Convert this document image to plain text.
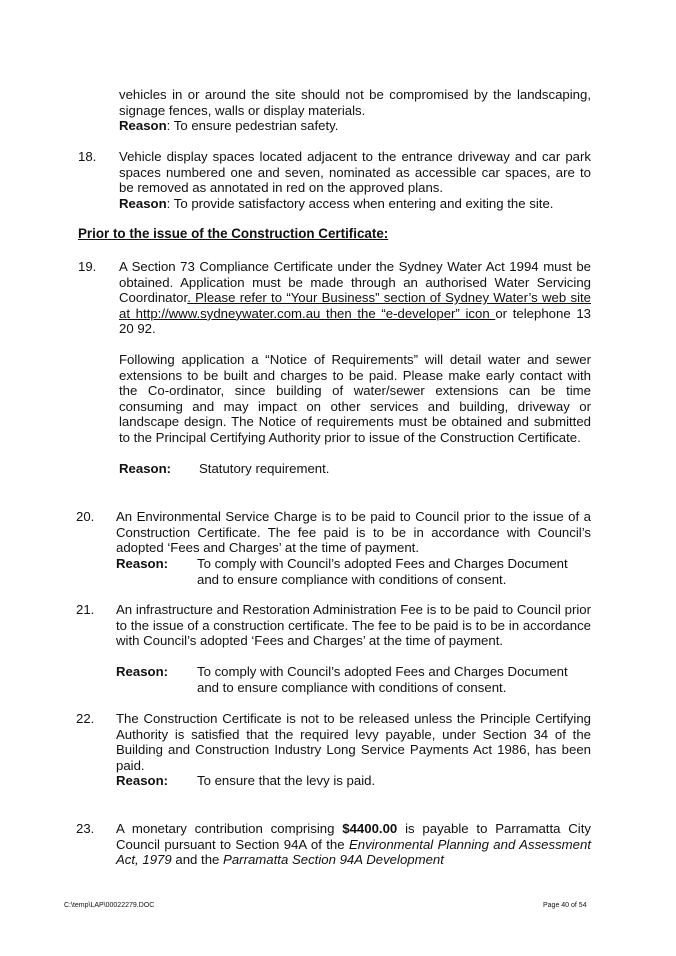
vehicles in or around the site should not be compromised by the landscaping, signage fences, walls or display materials.
Reason: To ensure pedestrian safety.
18. Vehicle display spaces located adjacent to the entrance driveway and car park spaces numbered one and seven, nominated as accessible car spaces, are to be removed as annotated in red on the approved plans.
Reason: To provide satisfactory access when entering and exiting the site.
Prior to the issue of the Construction Certificate:
19. A Section 73 Compliance Certificate under the Sydney Water Act 1994 must be obtained. Application must be made through an authorised Water Servicing Coordinator. Please refer to “Your Business” section of Sydney Water’s web site at http://www.sydneywater.com.au then the “e-developer” icon or telephone 13 20 92.
Following application a “Notice of Requirements” will detail water and sewer extensions to be built and charges to be paid. Please make early contact with the Co-ordinator, since building of water/sewer extensions can be time consuming and may impact on other services and building, driveway or landscape design. The Notice of requirements must be obtained and submitted to the Principal Certifying Authority prior to issue of the Construction Certificate.
Reason: Statutory requirement.
20. An Environmental Service Charge is to be paid to Council prior to the issue of a Construction Certificate. The fee paid is to be in accordance with Council’s adopted ‘Fees and Charges’ at the time of payment.
Reason: To comply with Council’s adopted Fees and Charges Document and to ensure compliance with conditions of consent.
21. An infrastructure and Restoration Administration Fee is to be paid to Council prior to the issue of a construction certificate. The fee to be paid is to be in accordance with Council’s adopted ‘Fees and Charges’ at the time of payment.
Reason: To comply with Council’s adopted Fees and Charges Document and to ensure compliance with conditions of consent.
22. The Construction Certificate is not to be released unless the Principle Certifying Authority is satisfied that the required levy payable, under Section 34 of the Building and Construction Industry Long Service Payments Act 1986, has been paid.
Reason: To ensure that the levy is paid.
23. A monetary contribution comprising $4400.00 is payable to Parramatta City Council pursuant to Section 94A of the Environmental Planning and Assessment Act, 1979 and the Parramatta Section 94A Development
C:\temp\LAP\00022279.DOC	Page 40 of 54
